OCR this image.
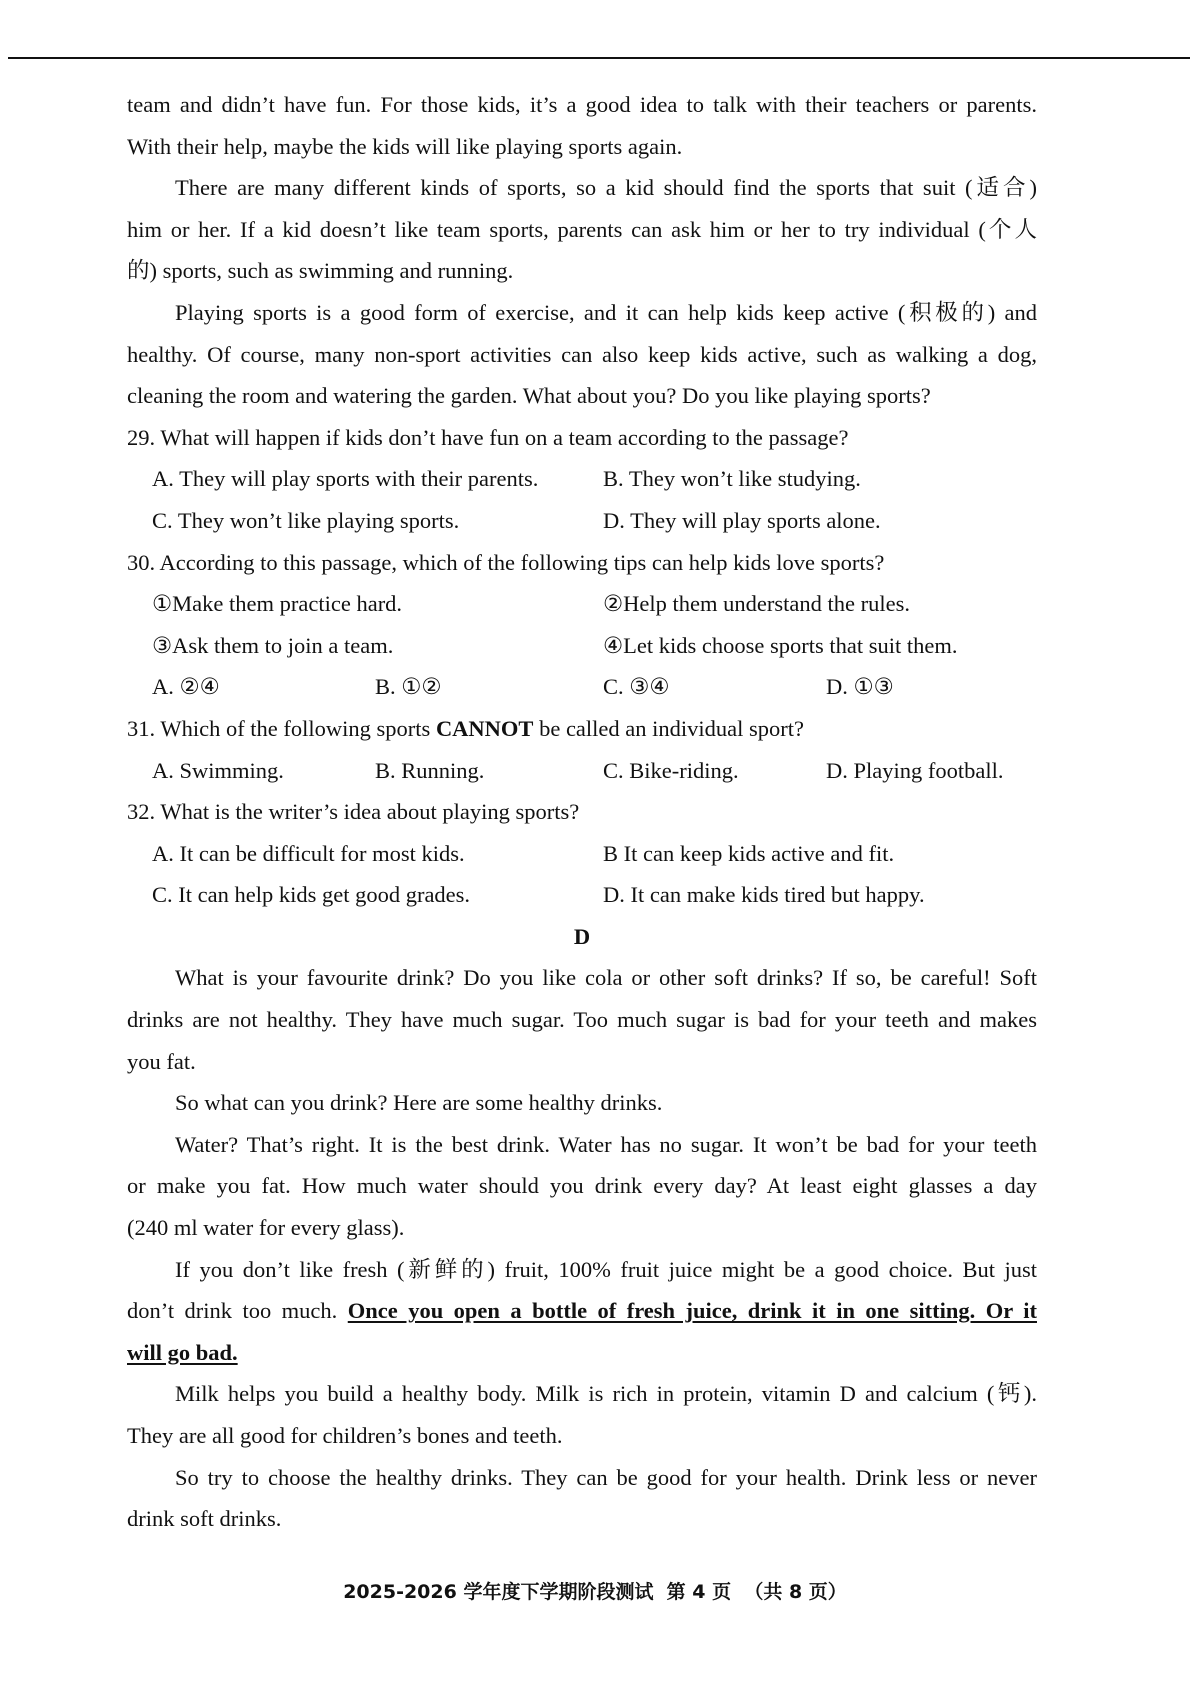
team and didn’t have fun. For those kids, it’s a good idea to talk with their teachers or parents.
With their help, maybe the kids will like playing sports again.
There are many different kinds of sports, so a kid should find the sports that suit (适合)
him or her. If a kid doesn’t like team sports, parents can ask him or her to try individual (个人
的) sports, such as swimming and running.
Playing sports is a good form of exercise, and it can help kids keep active (积极的) and
healthy. Of course, many non-sport activities can also keep kids active, such as walking a dog,
cleaning the room and watering the garden. What about you? Do you like playing sports?
29. What will happen if kids don’t have fun on a team according to the passage?
A. They will play sports with their parents.	B. They won’t like studying.
C. They won’t like playing sports.	D. They will play sports alone.
30. According to this passage, which of the following tips can help kids love sports?
①Make them practice hard.	②Help them understand the rules.
③Ask them to join a team.	④Let kids choose sports that suit them.
A. ②④	B. ①②	C. ③④	D. ①③
31. Which of the following sports CANNOT be called an individual sport?
A. Swimming.	B. Running.	C. Bike-riding.	D. Playing football.
32. What is the writer’s idea about playing sports?
A. It can be difficult for most kids.	B It can keep kids active and fit.
C. It can help kids get good grades.	D. It can make kids tired but happy.
D
What is your favourite drink? Do you like cola or other soft drinks? If so, be careful! Soft
drinks are not healthy. They have much sugar. Too much sugar is bad for your teeth and makes
you fat.
So what can you drink? Here are some healthy drinks.
Water? That’s right. It is the best drink. Water has no sugar. It won’t be bad for your teeth
or make you fat. How much water should you drink every day? At least eight glasses a day
(240 ml water for every glass).
If you don’t like fresh (新鲜的) fruit, 100% fruit juice might be a good choice. But just
don’t drink too much. Once you open a bottle of fresh juice, drink it in one sitting. Or it
will go bad.
Milk helps you build a healthy body. Milk is rich in protein, vitamin D and calcium (钙).
They are all good for children’s bones and teeth.
So try to choose the healthy drinks. They can be good for your health. Drink less or never
drink soft drinks.
2025-2026 学年度下学期阶段测试  第 4 页  （共 8 页）
